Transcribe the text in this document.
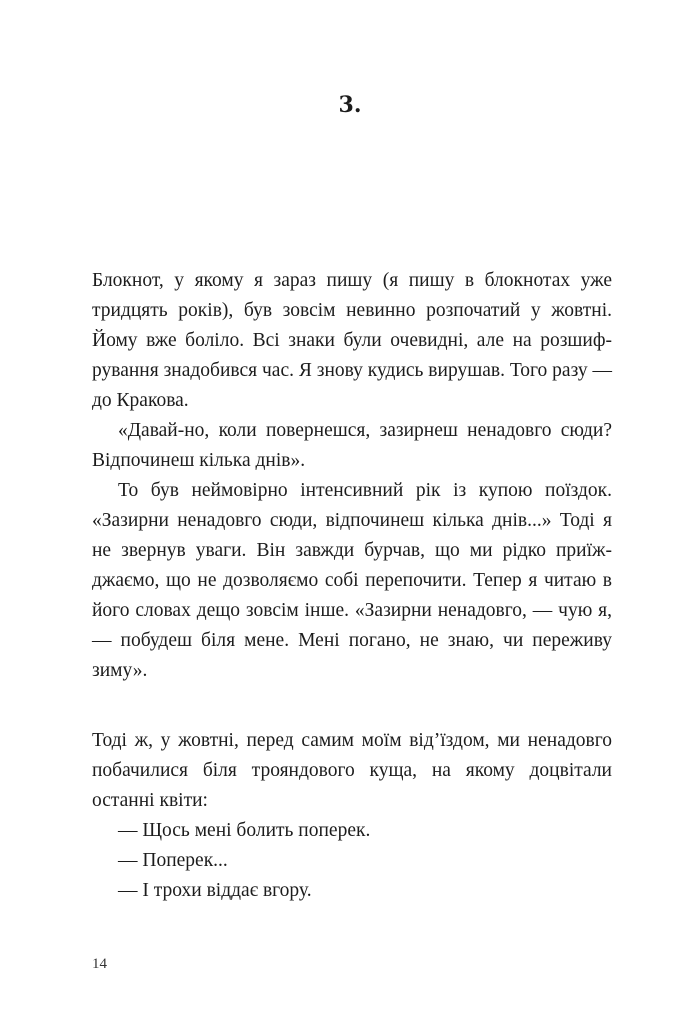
3.

Блокнот, у якому я зараз пишу (я пишу в блокнотах уже тридцять років), був зовсім невинно розпочатий у жовтні. Йому вже боліло. Всі знаки були очевидні, але на розшифрування знадобився час. Я знову кудись вирушав. Того разу — до Кракова.

«Давай-но, коли повернешся, зазирнеш ненадовго сюди? Відпочинеш кілька днів».

То був неймовірно інтенсивний рік із купою поїздок. «Зазирни ненадовго сюди, відпочинеш кілька днів...» Тоді я не звернув уваги. Він завжди бурчав, що ми рідко приїжджаємо, що не дозволяємо собі перепочити. Тепер я читаю в його словах дещо зовсім інше. «Зазирни ненадовго, — чую я, — побудеш біля мене. Мені погано, не знаю, чи переживу зиму».

Тоді ж, у жовтні, перед самим моїм від’їздом, ми ненадовго побачилися біля трояндового куща, на якому доцвітали останні квіти:

— Щось мені болить поперек.

— Поперек...

— І трохи віддає вгору.

14
